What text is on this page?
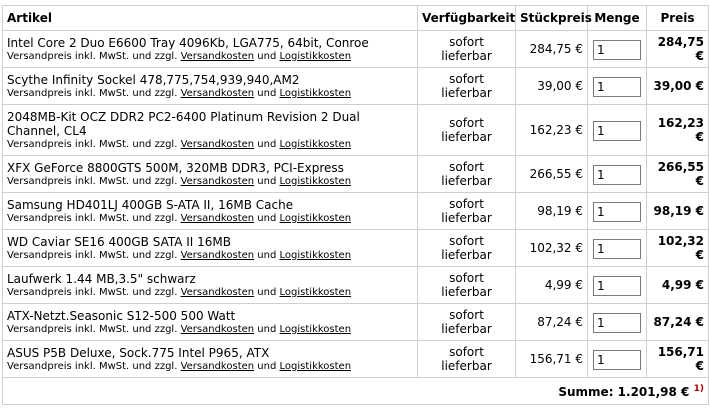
Artikel	Verfügbarkeit	Stückpreis	Menge	Preis

Intel Core 2 Duo E6600 Tray 4096Kb, LGA775, 64bit, Conroe
Versandpreis inkl. MwSt. und zzgl. Versandkosten und Logistikkosten	sofort lieferbar	284,75 €	1	284,75 €

Scythe Infinity Sockel 478,775,754,939,940,AM2
Versandpreis inkl. MwSt. und zzgl. Versandkosten und Logistikkosten	sofort lieferbar	39,00 €	1	39,00 €

2048MB-Kit OCZ DDR2 PC2-6400 Platinum Revision 2 Dual Channel, CL4
Versandpreis inkl. MwSt. und zzgl. Versandkosten und Logistikkosten	sofort lieferbar	162,23 €	1	162,23 €

XFX GeForce 8800GTS 500M, 320MB DDR3, PCI-Express
Versandpreis inkl. MwSt. und zzgl. Versandkosten und Logistikkosten	sofort lieferbar	266,55 €	1	266,55 €

Samsung HD401LJ 400GB S-ATA II, 16MB Cache
Versandpreis inkl. MwSt. und zzgl. Versandkosten und Logistikkosten	sofort lieferbar	98,19 €	1	98,19 €

WD Caviar SE16 400GB SATA II 16MB
Versandpreis inkl. MwSt. und zzgl. Versandkosten und Logistikkosten	sofort lieferbar	102,32 €	1	102,32 €

Laufwerk 1.44 MB,3.5" schwarz
Versandpreis inkl. MwSt. und zzgl. Versandkosten und Logistikkosten	sofort lieferbar	4,99 €	1	4,99 €

ATX-Netzt.Seasonic S12-500 500 Watt
Versandpreis inkl. MwSt. und zzgl. Versandkosten und Logistikkosten	sofort lieferbar	87,24 €	1	87,24 €

ASUS P5B Deluxe, Sock.775 Intel P965, ATX
Versandpreis inkl. MwSt. und zzgl. Versandkosten und Logistikkosten	sofort lieferbar	156,71 €	1	156,71 €
Summe: 1.201,98 € $^{1)}$
